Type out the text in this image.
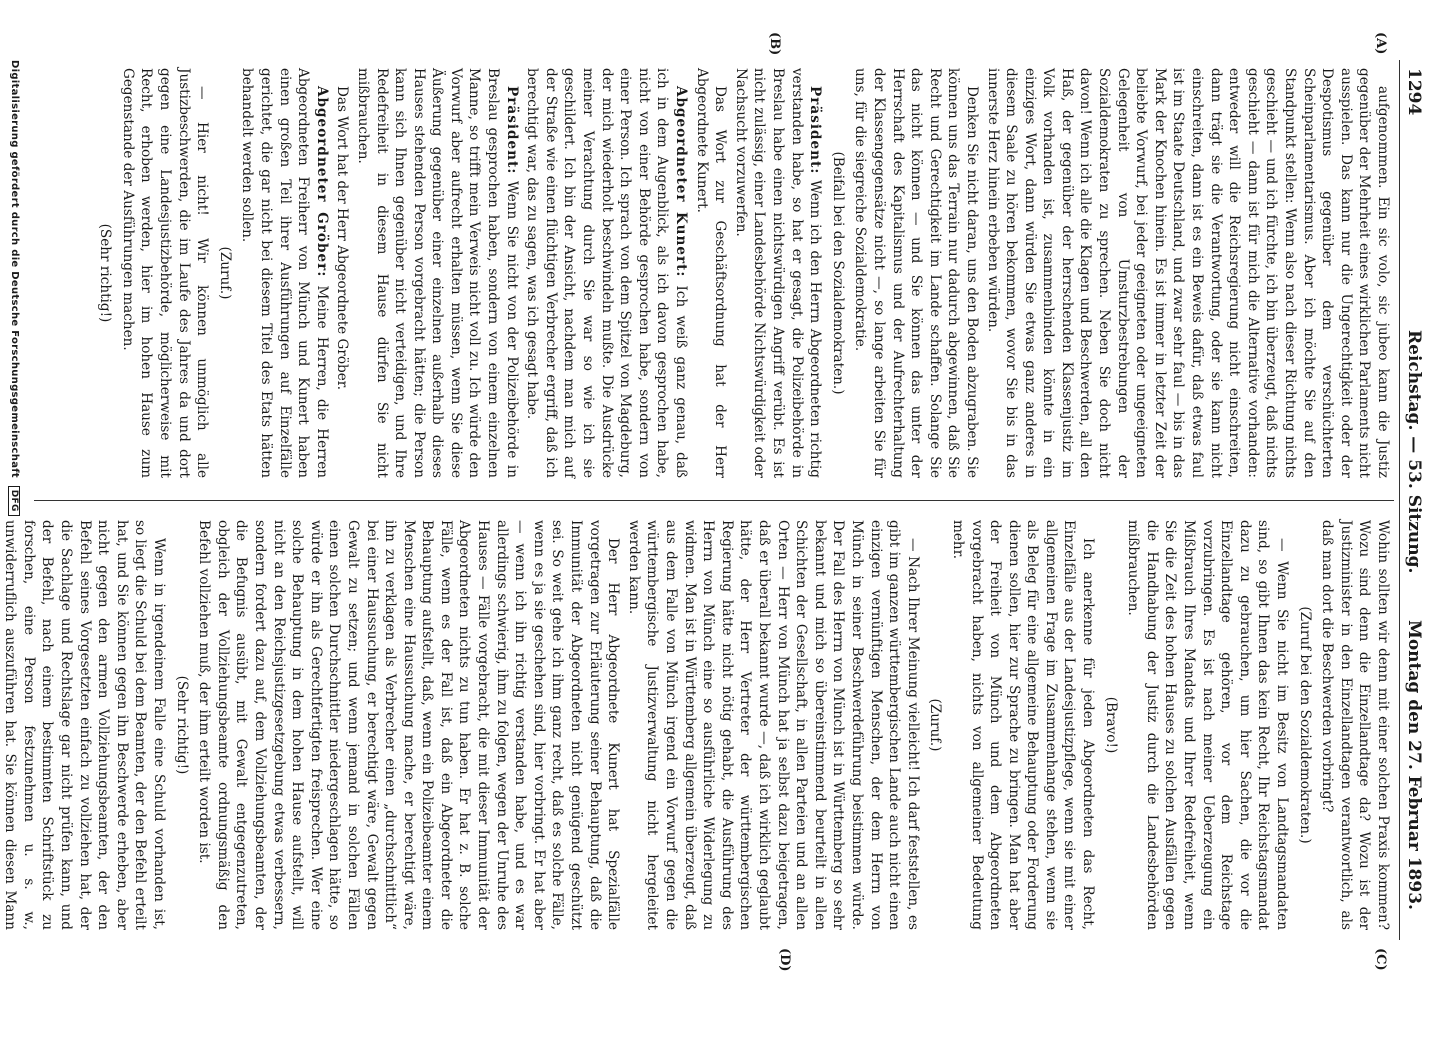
1294
Reichstag. — 53. Sitzung.
Montag den 27. Februar 1893.
(A)
(B)
(C)
(D)

aufgenommen. Ein sic volo, sic jubeo kann die Justiz gegenüber der Mehrheit eines wirklichen Parlaments nicht ausspielen. Das kann nur die Ungerechtigkeit oder der Despotismus gegenüber dem verschüchterten Scheinparlamentarismus. Aber ich möchte Sie auf den Standpunkt stellen: Wenn also nach dieser Richtung nichts geschieht — und ich fürchte, ich bin überzeugt, daß nichts geschieht — dann ist für mich die Alternative vorhanden: entweder will die Reichsregierung nicht einschreiten, dann trägt sie die Verantwortung, oder sie kann nicht einschreiten, dann ist es ein Beweis dafür, daß etwas faul ist im Staate Deutschland, und zwar sehr faul — bis in das Mark der Knochen hinein. Es ist immer in letzter Zeit der beliebte Vorwurf, bei jeder geeigneten oder ungeeigneten Gelegenheit von Umsturzbestrebungen der Sozialdemokraten zu sprechen. Neben Sie doch nicht davon! Wenn ich alle die Klagen und Beschwerden, all den Haß, der gegenüber der herrschenden Klassenjustiz im Volk vorhanden ist, zusammenbinden könnte in ein einziges Wort, dann würden Sie etwas ganz anderes in diesem Saale zu hören bekommen, wovor Sie bis in das innerste Herz hinein erbeben würden.

Denken Sie nicht daran, uns den Boden abzugraben. Sie können uns das Terrain nur dadurch abgewinnen, daß Sie Recht und Gerechtigkeit im Lande schaffen. Solange Sie das nicht können — und Sie können das unter der Herrschaft des Kapitalismus und der Aufrechterhaltung der Klassengegensätze nicht —, so lange arbeiten Sie für uns, für die siegreiche Sozialdemokratie.

(Beifall bei den Sozialdemokraten.)

Präsident: Wenn ich den Herrn Abgeordneten richtig verstanden habe, so hat er gesagt, die Polizeibehörde in Breslau habe einen nichtswürdigen Angriff verübt. Es ist nicht zulässig, einer Landesbehörde Nichtswürdigkeit oder Nachsucht vorzuwerfen.

Das Wort zur Geschäftsordnung hat der Herr Abgeordnete Kunert.

Abgeordneter Kunert: Ich weiß ganz genau, daß ich in dem Augenblick, als ich davon gesprochen habe, nicht von einer Behörde gesprochen habe, sondern von einer Person. Ich sprach von dem Spitzel von Magdeburg, der mich wiederholt beschwindeln mußte. Die Ausdrücke meiner Verachtung durch Sie war so wie ich sie geschildert. Ich bin der Ansicht, nachdem man mich auf der Straße wie einen flüchtigen Verbrecher ergriff, daß ich berechtigt war, das zu sagen, was ich gesagt habe.

Präsident: Wenn Sie nicht von der Polizeibehörde in Breslau gesprochen haben, sondern von einem einzelnen Manne, so trifft mein Verweis nicht voll zu. Ich würde den Vorwurf aber aufrecht erhalten müssen, wenn Sie diese Äußerung gegenüber einer einzelnen außerhalb dieses Hauses stehenden Person vorgebracht hätten; die Person kann sich Ihnen gegenüber nicht verteidigen, und Ihre Redefreiheit in diesem Hause dürfen Sie nicht mißbrauchen.

Das Wort hat der Herr Abgeordnete Gröber.

Abgeordneter Gröber: Meine Herren, die Herren Abgeordneten Freiherr von Münch und Kunert haben einen großen Teil ihrer Ausführungen auf Einzelfälle gerichtet, die gar nicht bei diesem Titel des Etats hätten behandelt werden sollen.

(Zuruf.)

— Hier nicht! Wir können unmöglich alle Justizbeschwerden, die im Laufe des Jahres da und dort gegen eine Landesjustizbehörde, möglicherweise mit Recht, erhoben werden, hier im hohen Hause zum Gegenstande der Ausführungen machen.

(Sehr richtig!)

Wohin sollten wir denn mit einer solchen Praxis kommen? Wozu sind denn die Einzellandtage da? Wozu ist der Justizminister in den Einzellandtagen verantwortlich, als daß man dort die Beschwerden vorbringt?

(Zuruf bei den Sozialdemokraten.)

— Wenn Sie nicht im Besitz von Landtagsmandaten sind, so gibt Ihnen das kein Recht, Ihr Reichstagsmandat dazu zu gebrauchen, um hier Sachen, die vor die Einzellandtage gehören, vor dem Reichstage vorzubringen. Es ist nach meiner Ueberzeugung ein Mißbrauch Ihres Mandats und Ihrer Redefreiheit, wenn Sie die Zeit des hohen Hauses zu solchen Ausfällen gegen die Handhabung der Justiz durch die Landesbehörden mißbrauchen.

(Bravo!)

Ich anerkenne für jeden Abgeordneten das Recht, Einzelfälle aus der Landesjustizpflege, wenn sie mit einer allgemeinen Frage im Zusammenhange stehen, wenn sie als Beleg für eine allgemeine Behauptung oder Forderung dienen sollen, hier zur Sprache zu bringen. Man hat aber der Freiheit von Münch und dem Abgeordneten vorgebracht haben, nichts von allgemeiner Bedeutung mehr.

(Zuruf.)

— Nach Ihrer Meinung vielleicht! Ich darf feststellen, es gibt im ganzen württembergischen Lande auch nicht einen einzigen vernünftigen Menschen, der dem Herrn von Münch in seiner Beschwerdeführung beistimmen würde. Der Fall des Herrn von Münch ist in Württemberg so sehr bekannt und mich so übereinstimmend beurteilt in allen Schichten der Gesellschaft, in allen Parteien und an allen Orten — Herr von Münch hat ja selbst dazu beigetragen, daß er überall bekannt wurde —, daß ich wirklich geglaubt hätte, der Herr Vertreter der württembergischen Regierung hätte nicht nötig gehabt, die Ausführung des Herrn von Münch eine so ausführliche Widerlegung zu widmen. Man ist in Württemberg allgemein überzeugt, daß aus dem Falle von Münch irgend ein Vorwurf gegen die württembergische Justizverwaltung nicht hergeleitet werden kann.

Der Herr Abgeordnete Kunert hat Spezialfälle vorgetragen zur Erläuterung seiner Behauptung, daß die Immunität der Abgeordneten nicht genügend geschützt sei. So weit gehe ich ihm ganz recht, daß es solche Fälle, wenn es ja sie geschehen sind, hier vorbringt. Er hat aber — wenn ich ihn richtig verstanden habe, und es war allerdings schwierig, ihm zu folgen, wegen der Unruhe des Hauses — Fälle vorgebracht, die mit dieser Immunität der Abgeordneten nichts zu tun haben. Er hat z. B. solche Fälle, wenn es der Fall ist, daß ein Abgeordneter die Behauptung aufstellt, daß, wenn ein Polizeibeamter einem Menschen eine Haussuchung mache, er berechtigt wäre, ihn zu verklagen als Verbrecher einen „durchschnittlich“ bei einer Haussuchung, er berechtigt wäre, Gewalt gegen Gewalt zu setzen; und wenn jemand in solchen Fällen einen solchen Durchschnittler niedergeschlagen hätte, so würde er ihn als Gerechtfertigten freisprechen. Wer eine solche Behauptung in dem hohen Hause aufstellt, will nicht an den Reichsjustizgesetzgebung etwas verbessern, sondern fordert dazu auf, dem Vollziehungsbeamten, der die Befugnis ausübt, mit Gewalt entgegenzutreten, obgleich der Vollziehungsbeamte ordnungsmäßig den Befehl vollziehen muß, der ihm erteilt worden ist.

(Sehr richtig!)

Wenn in irgendeinem Falle eine Schuld vorhanden ist, so liegt die Schuld bei dem Beamten, der den Befehl erteilt hat, und Sie können gegen ihn Beschwerde erheben, aber nicht gegen den armen Vollziehungsbeamten, der den Befehl seines Vorgesetzten einfach zu vollziehen hat, der die Sachlage und Rechtslage gar nicht prüfen kann, und der Befehl, nach einem bestimmten Schriftstück zu forschen, eine Person festzunehmen u. s. w., unwiderruflich auszuführen hat. Sie können diesen Mann

Digitalisierung gefördert durch die Deutsche Forschungsgemeinschaft DFG
